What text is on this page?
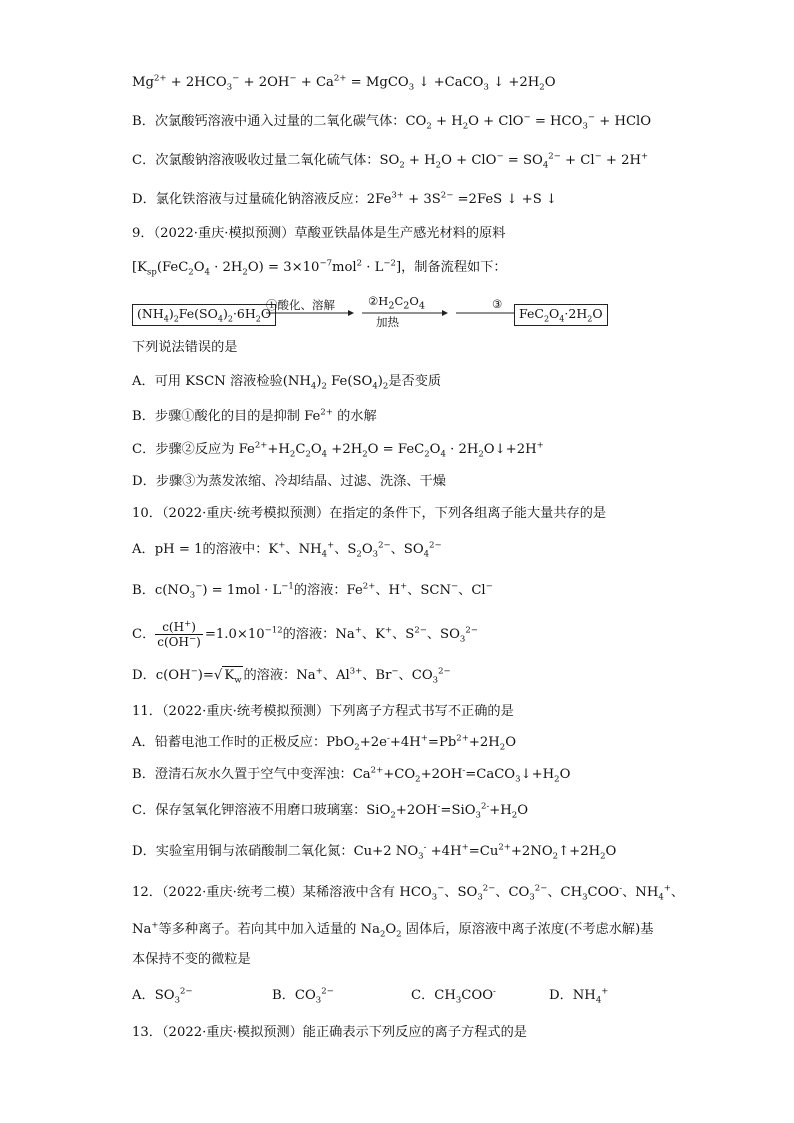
$Mg^{2+} + 2HCO_3^- + 2OH^- + Ca^{2+}$ = MgCO$_3$ ↓ +CaCO$_3$ ↓ $+2H_2O$
B．次氯酸钙溶液中通入过量的二氧化碳气体：$CO_2 + H_2O + ClO^- = HCO_3^-$ + HClO
C．次氯酸钠溶液吸收过量二氧化硫气体：$SO_2 + H_2O + ClO^- = SO_4^{2-} + Cl^- + 2H^+$
D．氯化铁溶液与过量硫化钠溶液反应：$2Fe^{3+} + 3S^{2-} =2FeS$ ↓ +S ↓
9．（2022·重庆·模拟预测）草酸亚铁晶体是生产感光材料的原料
$[K_{sp}(FeC_2O_4 \cdot 2H_2O) = 3\times 10^{-7}mol^2 \cdot L^{-2}]$，制备流程如下：
$(NH_4)_2Fe(SO_4)_2\cdot 6H_2O$
①酸化、溶解	$②H_2C_2O_4$
加热
③
$FeC_2O_4\cdot 2H_2O$
下列说法错误的是
A．可用 KSCN 溶液检验$(NH_4)_2$ $Fe(SO_4)_2$是否变质
B．步骤①酸化的目的是抑制 $Fe^{2+}$ 的水解
C．步骤②反应为 $Fe^{2+}+H_2C_2O_4 +2H_2O = FeC_2O_4$ · $2H_2O↓+2H^+$
D．步骤③为蒸发浓缩、冷却结晶、过滤、洗涤、干燥
10．（2022·重庆·统考模拟预测）在指定的条件下，下列各组离子能大量共存的是
A．pH = 1的溶液中：K+、$NH_4^+$、$S_2O_3^{2-}$、$SO_4^{2-}$
B．$c(NO_3^-) = 1mol \cdot L^{-1}$的溶液：$Fe^{2+}$、H+、SCN−、Cl−
C． $\frac{c(H^+)}{c(OH^-)} =1.0\times 10^{-12}$的溶液：Na+、K+、$S^{2-}$、$SO_3^{2-}$
D．c(OH−)=√ $K_w$ 的溶液：Na+、$Al^{3+}$、Br−、$CO_3^{2-}$
11．（2022·重庆·统考模拟预测）下列离子方程式书写不正确的是
A．铅蓄电池工作时的正极反应：$PbO_2+2e^-+4H^+=Pb^{2+}+2H_2O$
B．澄清石灰水久置于空气中变浑浊：$Ca^{2+}+CO_2+2OH^-=CaCO_3↓+H_2O$
C．保存氢氧化钾溶液不用磨口玻璃塞：$SiO_2+2OH^-=SiO_3^{2-}+H_2O$
D．实验室用铜与浓硝酸制二氧化氮：Cu+2 $NO_3^-$ $+4H^+=Cu^{2+}+2NO_2↑+2H_2O$
12．（2022·重庆·统考二模）某稀溶液中含有 $HCO_3^-$、$SO_3^{2-}$、$CO_3^{2-}$、$CH_3COO^-$、$NH_4^+$、
Na+等多种离子。若向其中加入适量的 $Na_2O_2$ 固体后，原溶液中离子浓度(不考虑水解)基
本保持不变的微粒是
A．$SO_3^{2-}$	B．$CO_3^{2-}$	C．$CH_3COO^-$	D．$NH_4^+$
13．（2022·重庆·模拟预测）能正确表示下列反应的离子方程式的是
